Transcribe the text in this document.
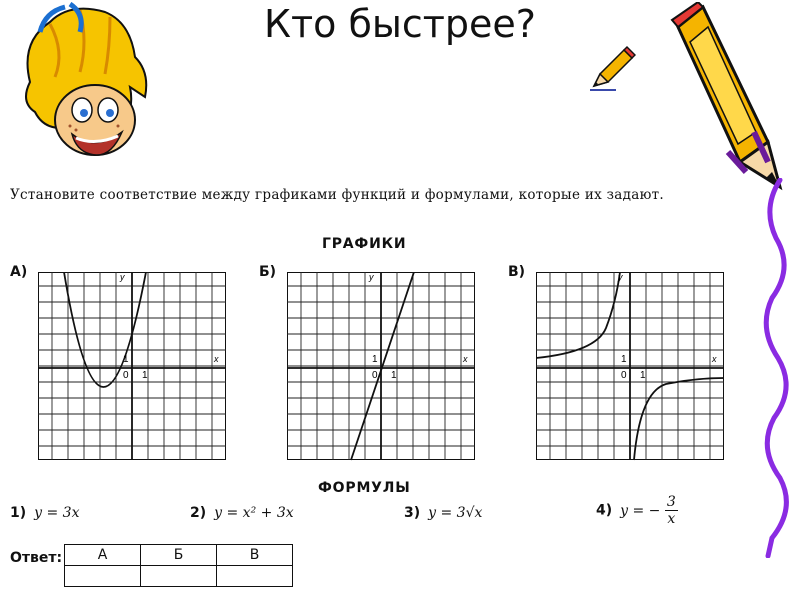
Кто быстрее?
Установите соответствие между графиками функций и формулами, которые их задают.
ГРАФИКИ
А)	Б)	В)
x
y
1
0 1
x
y
1
0 1
x
y
1
0 1
ФОРМУЛЫ
1) y = 3x	2) y = x² + 3x	3) y = 3√x	4) y = − $\frac{3}{x}$
Ответ:	А	Б	В
